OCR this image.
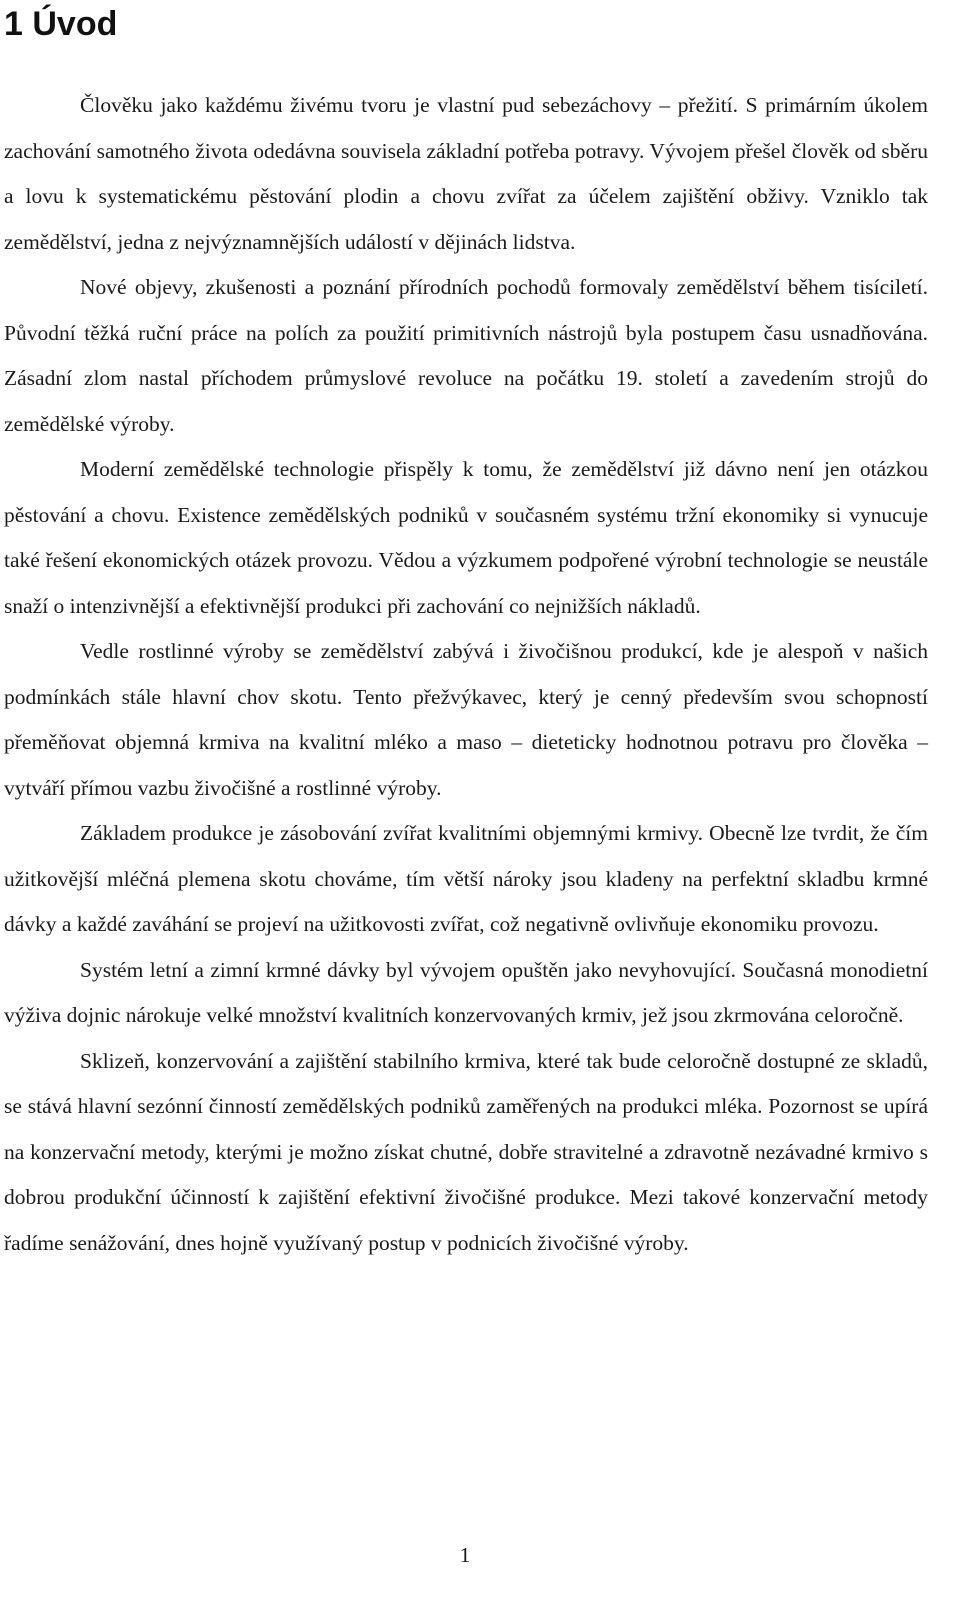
1 Úvod

Člověku jako každému živému tvoru je vlastní pud sebezáchovy – přežití. S primárním úkolem zachování samotného života odedávna souvisela základní potřeba potravy. Vývojem přešel člověk od sběru a lovu k systematickému pěstování plodin a chovu zvířat za účelem zajištění obživy. Vzniklo tak zemědělství, jedna z nejvýznamnějších událostí v dějinách lidstva.

Nové objevy, zkušenosti a poznání přírodních pochodů formovaly zemědělství během tisíciletí. Původní těžká ruční práce na polích za použití primitivních nástrojů byla postupem času usnadňována. Zásadní zlom nastal příchodem průmyslové revoluce na počátku 19. století a zavedením strojů do zemědělské výroby.

Moderní zemědělské technologie přispěly k tomu, že zemědělství již dávno není jen otázkou pěstování a chovu. Existence zemědělských podniků v současném systému tržní ekonomiky si vynucuje také řešení ekonomických otázek provozu. Vědou a výzkumem podpořené výrobní technologie se neustále snaží o intenzivnější a efektivnější produkci při zachování co nejnižších nákladů.

Vedle rostlinné výroby se zemědělství zabývá i živočišnou produkcí, kde je alespoň v našich podmínkách stále hlavní chov skotu. Tento přežvýkavec, který je cenný především svou schopností přeměňovat objemná krmiva na kvalitní mléko a maso – dieteticky hodnotnou potravu pro člověka – vytváří přímou vazbu živočišné a rostlinné výroby.

Základem produkce je zásobování zvířat kvalitními objemnými krmivy. Obecně lze tvrdit, že čím užitkovější mléčná plemena skotu chováme, tím větší nároky jsou kladeny na perfektní skladbu krmné dávky a každé zaváhání se projeví na užitkovosti zvířat, což negativně ovlivňuje ekonomiku provozu.

Systém letní a zimní krmné dávky byl vývojem opuštěn jako nevyhovující. Současná monodietní výživa dojnic nárokuje velké množství kvalitních konzervovaných krmiv, jež jsou zkrmována celoročně.

Sklizeň, konzervování a zajištění stabilního krmiva, které tak bude celoročně dostupné ze skladů, se stává hlavní sezónní činností zemědělských podniků zaměřených na produkci mléka. Pozornost se upírá na konzervační metody, kterými je možno získat chutné, dobře stravitelné a zdravotně nezávadné krmivo s dobrou produkční účinností k zajištění efektivní živočišné produkce. Mezi takové konzervační metody řadíme senážování, dnes hojně využívaný postup v podnicích živočišné výroby.

1
